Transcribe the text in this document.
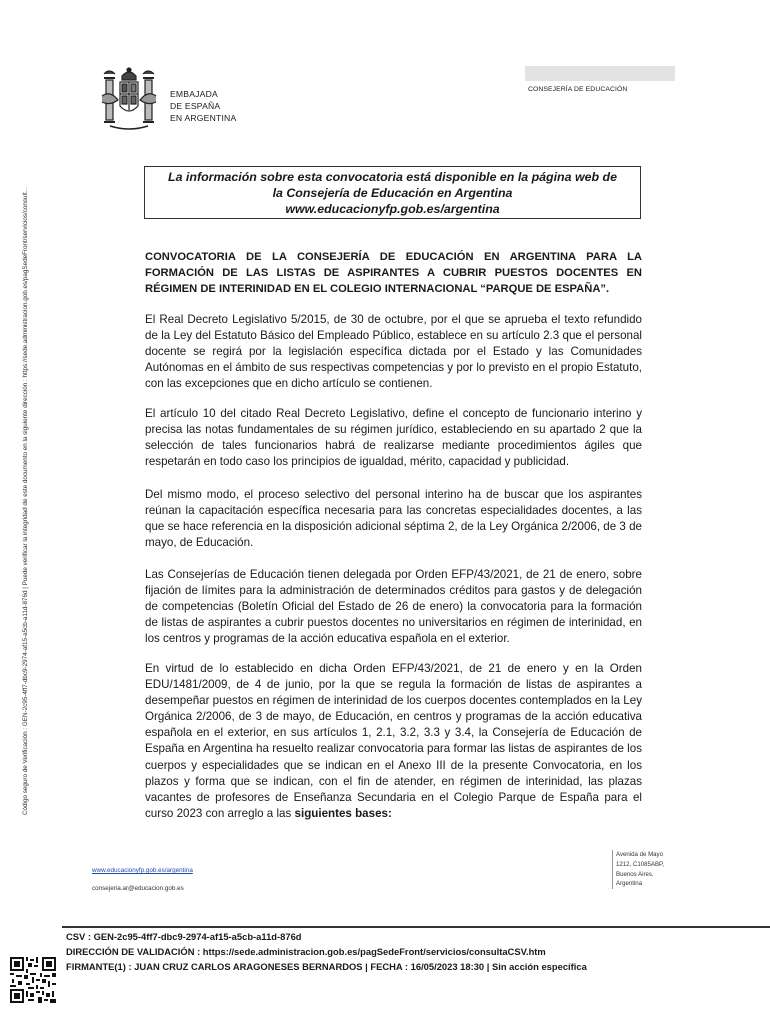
Código seguro de Verificación : GEN-2c95-4ff7-dbc9-2974-af15-a5cb-a11d-876d | Puede verificar la integridad de este documento en la siguiente dirección : https://sede.administracion.gob.es/pagSedeFront/servicios/consult...
EMBAJADA
DE ESPAÑA
EN ARGENTINA
CONSEJERÍA DE EDUCACIÓN
La información sobre esta convocatoria está disponible en la página web de
la Consejería de Educación en Argentina
www.educacionyfp.gob.es/argentina
CONVOCATORIA DE LA CONSEJERÍA DE EDUCACIÓN EN ARGENTINA PARA LA FORMACIÓN DE LAS LISTAS DE ASPIRANTES A CUBRIR PUESTOS DOCENTES EN RÉGIMEN DE INTERINIDAD EN EL COLEGIO INTERNACIONAL “PARQUE DE ESPAÑA”.
El Real Decreto Legislativo 5/2015, de 30 de octubre, por el que se aprueba el texto refundido de la Ley del Estatuto Básico del Empleado Público, establece en su artículo 2.3 que el personal docente se regirá por la legislación específica dictada por el Estado y las Comunidades Autónomas en el ámbito de sus respectivas competencias y por lo previsto en el propio Estatuto, con las excepciones que en dicho artículo se contienen.
El artículo 10 del citado Real Decreto Legislativo, define el concepto de funcionario interino y precisa las notas fundamentales de su régimen jurídico, estableciendo en su apartado 2 que la selección de tales funcionarios habrá de realizarse mediante procedimientos ágiles que respetarán en todo caso los principios de igualdad, mérito, capacidad y publicidad.
Del mismo modo, el proceso selectivo del personal interino ha de buscar que los aspirantes reúnan la capacitación específica necesaria para las concretas especialidades docentes, a las que se hace referencia en la disposición adicional séptima 2, de la Ley Orgánica 2/2006, de 3 de mayo, de Educación.
Las Consejerías de Educación tienen delegada por Orden EFP/43/2021, de 21 de enero, sobre fijación de límites para la administración de determinados créditos para gastos y de delegación de competencias (Boletín Oficial del Estado de 26 de enero) la convocatoria para la formación de listas de aspirantes a cubrir puestos docentes no universitarios en régimen de interinidad, en los centros y programas de la acción educativa española en el exterior.
En virtud de lo establecido en dicha Orden EFP/43/2021, de 21 de enero y en la Orden EDU/1481/2009, de 4 de junio, por la que se regula la formación de listas de aspirantes a desempeñar puestos en régimen de interinidad de los cuerpos docentes contemplados en la Ley Orgánica 2/2006, de 3 de mayo, de Educación, en centros y programas de la acción educativa española en el exterior, en sus artículos 1, 2.1, 3.2, 3.3 y 3.4, la Consejería de Educación de España en Argentina ha resuelto realizar convocatoria para formar las listas de aspirantes de los cuerpos y especialidades que se indican en el Anexo III de la presente Convocatoria, en los plazos y forma que se indican, con el fin de atender, en régimen de interinidad, las plazas vacantes de profesores de Enseñanza Secundaria en el Colegio Parque de España para el curso 2023 con arreglo a las siguientes bases:
www.educacionyfp.gob.es/argentina
consejeria.ar@educacion.gob.es
Avenida de Mayo
1212, C1085ABP,
Buenos Aires,
Argentina
CSV : GEN-2c95-4ff7-dbc9-2974-af15-a5cb-a11d-876d
DIRECCIÓN DE VALIDACIÓN : https://sede.administracion.gob.es/pagSedeFront/servicios/consultaCSV.htm
FIRMANTE(1) : JUAN CRUZ CARLOS ARAGONESES BERNARDOS | FECHA : 16/05/2023 18:30 | Sin acción específica
